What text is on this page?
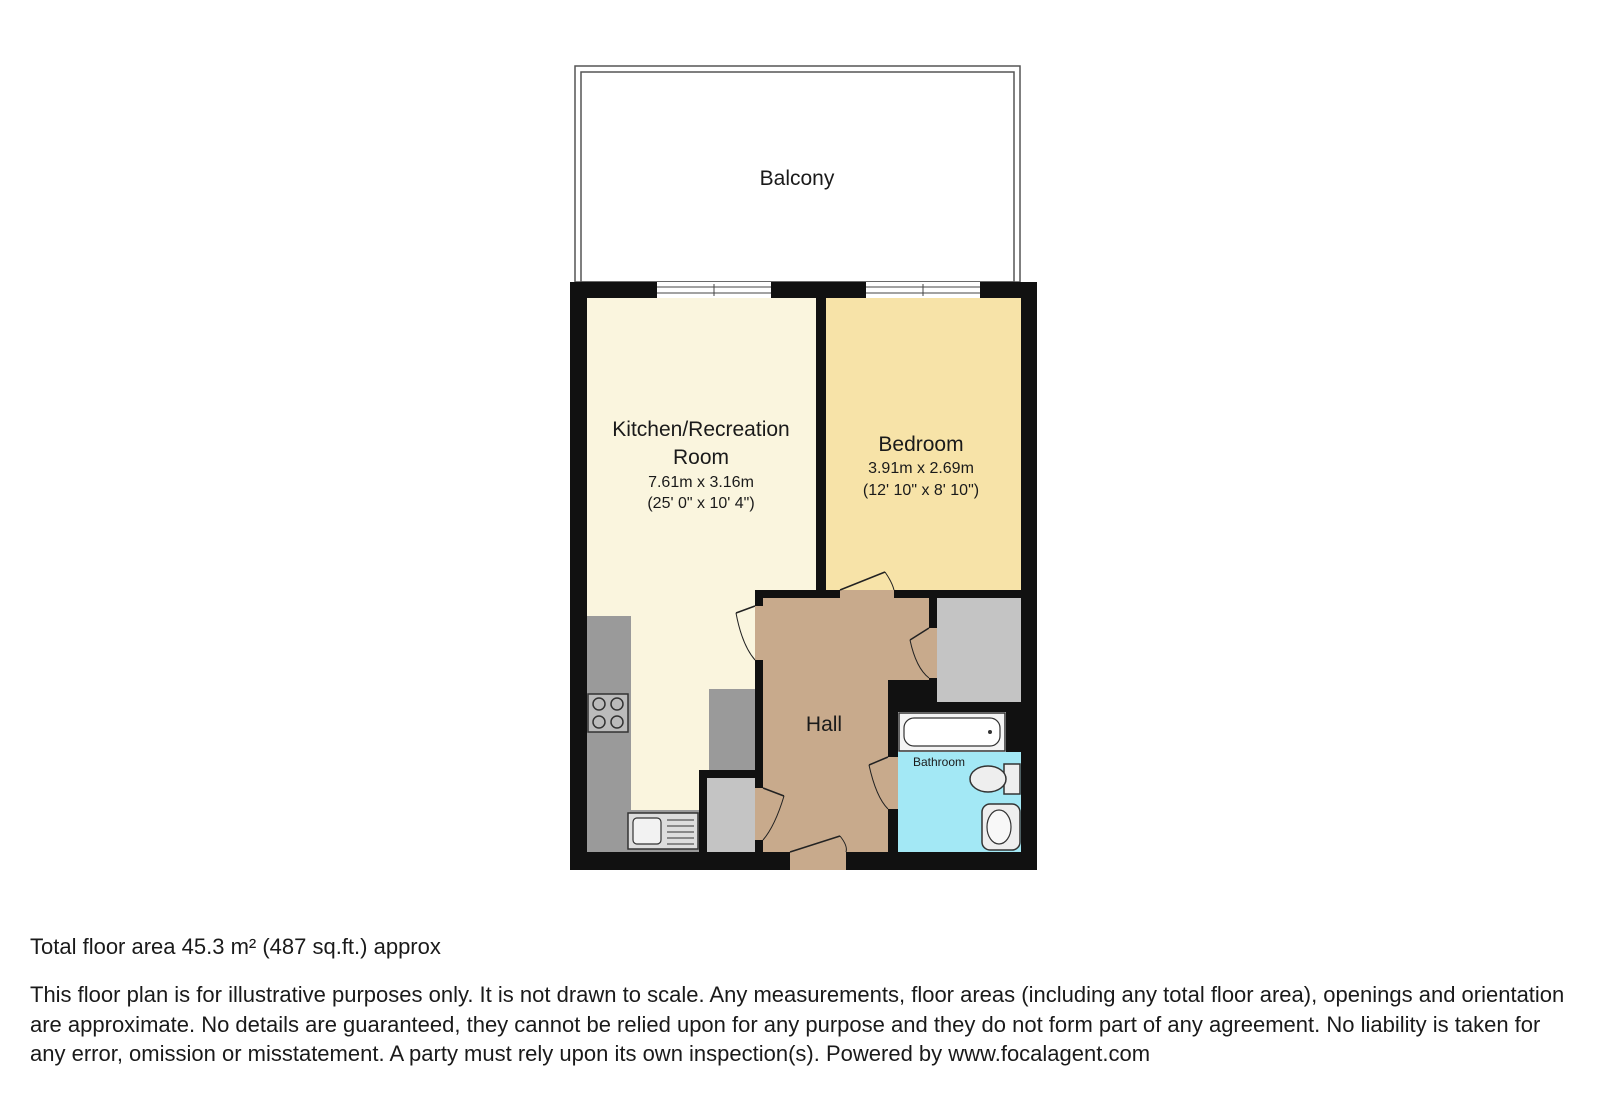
Balcony
Kitchen/Recreation
Room
7.61m x 3.16m
(25' 0" x 10' 4")
Bedroom
3.91m x 2.69m
(12' 10" x 8' 10")
Hall
Bathroom

Total floor area 45.3 m² (487 sq.ft.) approx

This floor plan is for illustrative purposes only. It is not drawn to scale. Any measurements, floor areas (including any total floor area), openings and orientation are approximate. No details are guaranteed, they cannot be relied upon for any purpose and they do not form part of any agreement. No liability is taken for any error, omission or misstatement. A party must rely upon its own inspection(s). Powered by www.focalagent.com
